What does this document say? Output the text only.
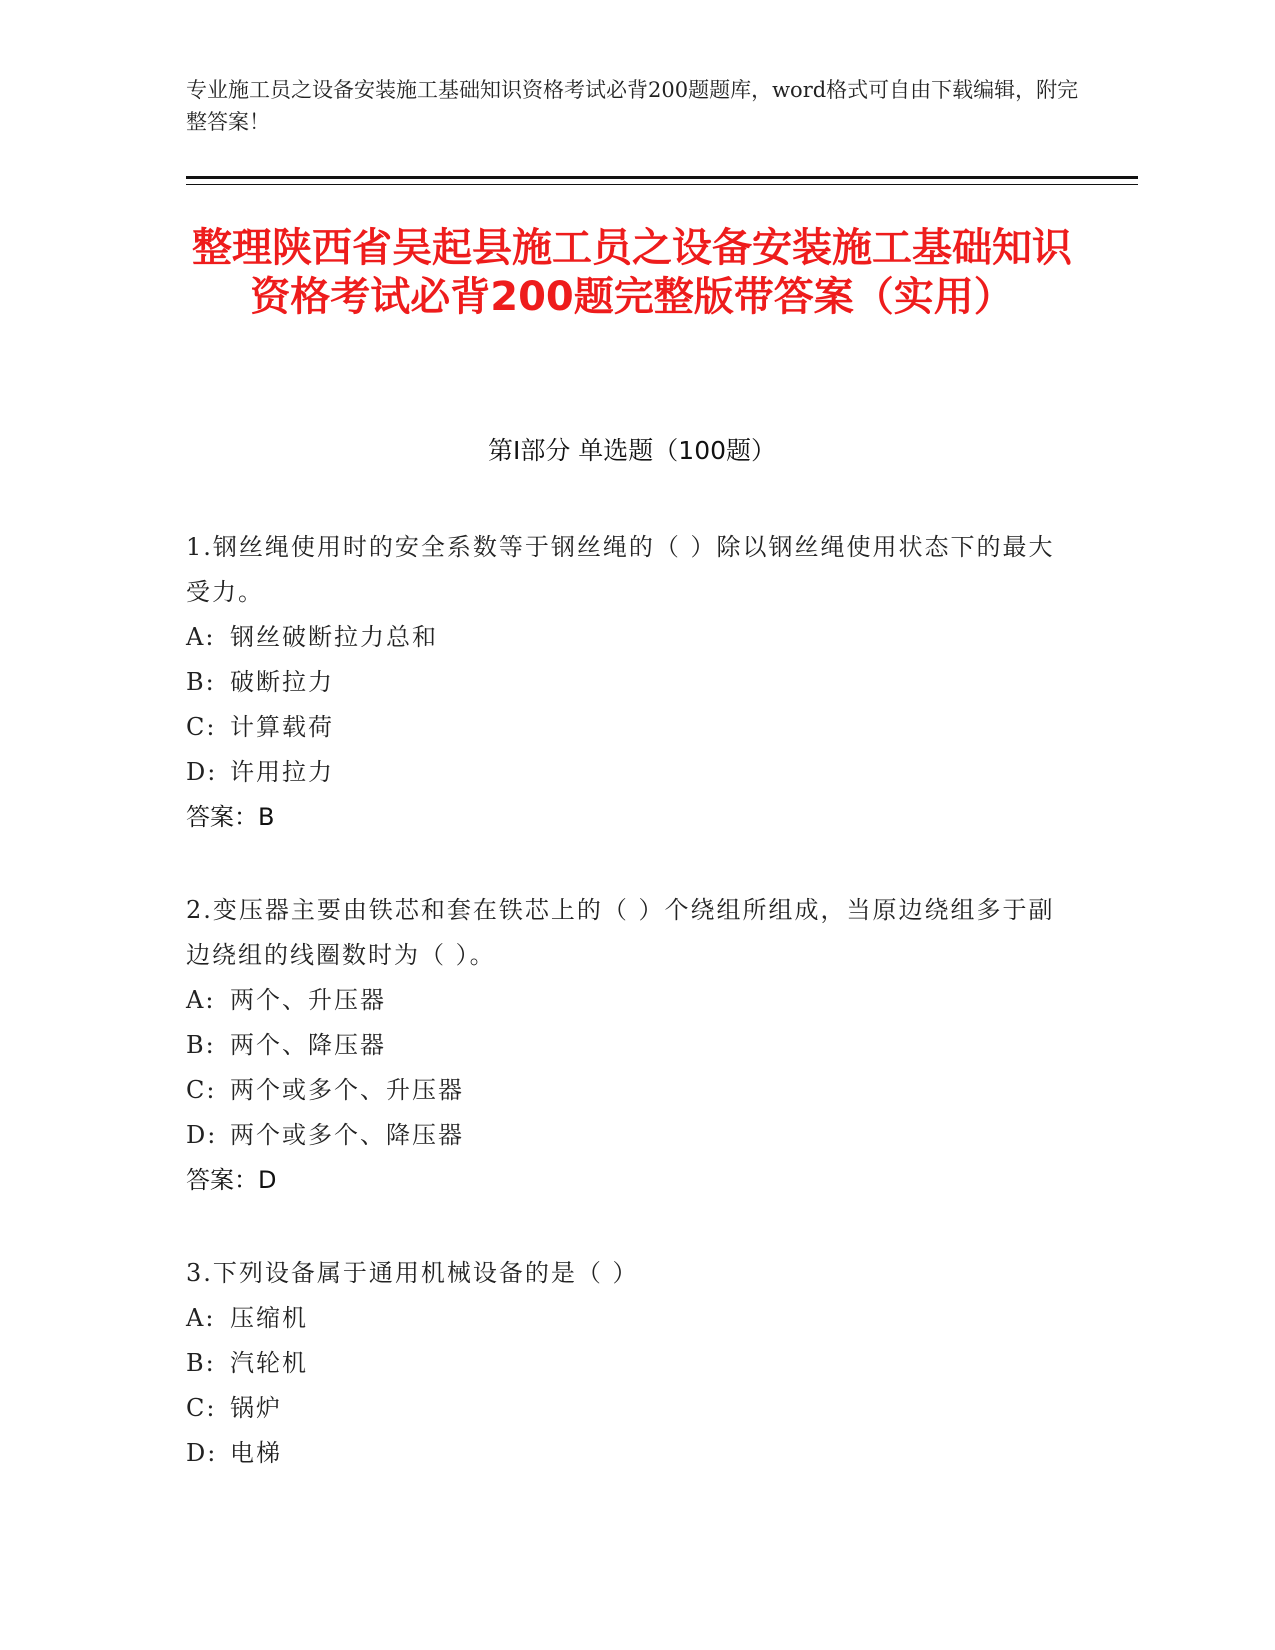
专业施工员之设备安装施工基础知识资格考试必背200题题库，word格式可自由下载编辑，附完整答案！
整理陕西省吴起县施工员之设备安装施工基础知识资格考试必背200题完整版带答案（实用）
第Ⅰ部分 单选题（100题）
1.钢丝绳使用时的安全系数等于钢丝绳的（ ）除以钢丝绳使用状态下的最大受力。
A: 钢丝破断拉力总和
B: 破断拉力
C: 计算载荷
D: 许用拉力
答案：B
2.变压器主要由铁芯和套在铁芯上的（ ）个绕组所组成，当原边绕组多于副边绕组的线圈数时为（ ）。
A: 两个、升压器
B: 两个、降压器
C: 两个或多个、升压器
D: 两个或多个、降压器
答案：D
3.下列设备属于通用机械设备的是（ ）
A: 压缩机
B: 汽轮机
C: 锅炉
D: 电梯
